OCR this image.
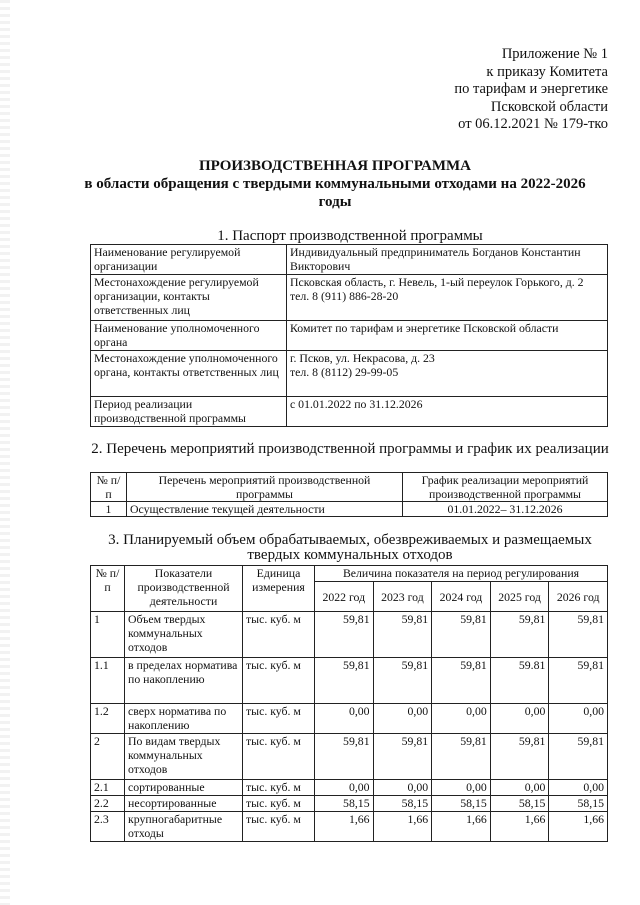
Приложение № 1
к приказу Комитета
по тарифам и энергетике
Псковской области
от 06.12.2021 № 179-тко
ПРОИЗВОДСТВЕННАЯ ПРОГРАММА
в области обращения с твердыми коммунальными отходами на 2022-2026
годы
1. Паспорт производственной программы
Наименование регулируемой организации	Индивидуальный предприниматель Богданов Константин Викторович
Местонахождение регулируемой организации, контакты ответственных лиц	Псковская область, г. Невель, 1-ый переулок Горького, д. 2
тел. 8 (911) 886-28-20

Наименование уполномоченного органа	Комитет по тарифам и энергетике Псковской области
Местонахождение уполномоченного органа, контакты ответственных лиц	г. Псков, ул. Некрасова, д. 23
тел. 8 (8112) 29-99-05

Период реализации производственной программы	с 01.01.2022 по 31.12.2026
2. Перечень мероприятий производственной программы и график их реализации
№ п/п	Перечень мероприятий производственной программы	График реализации мероприятий производственной программы
1	Осуществление текущей деятельности	01.01.2022– 31.12.2026
3. Планируемый объем обрабатываемых, обезвреживаемых и размещаемых твердых коммунальных отходов
№ п/п	Показатели производственной деятельности	Единица измерения	Величина показателя на период регулирования				
			2022 год	2023 год	2024 год	2025 год	2026 год
1	Объем твердых коммунальных отходов	тыс. куб. м	59,81	59,81	59,81	59,81	59,81
1.1	в пределах норматива по накоплению	тыс. куб. м	59,81	59,81	59,81	59.81	59,81
1.2	сверх норматива по накоплению	тыс. куб. м	0,00	0,00	0,00	0,00	0,00
2	По видам твердых коммунальных отходов	тыс. куб. м	59,81	59,81	59,81	59,81	59,81
2.1	сортированные	тыс. куб. м	0,00	0,00	0,00	0,00	0,00
2.2	несортированные	тыс. куб. м	58,15	58,15	58,15	58,15	58,15
2.3	крупногабаритные отходы	тыс. куб. м	1,66	1,66	1,66	1,66	1,66
